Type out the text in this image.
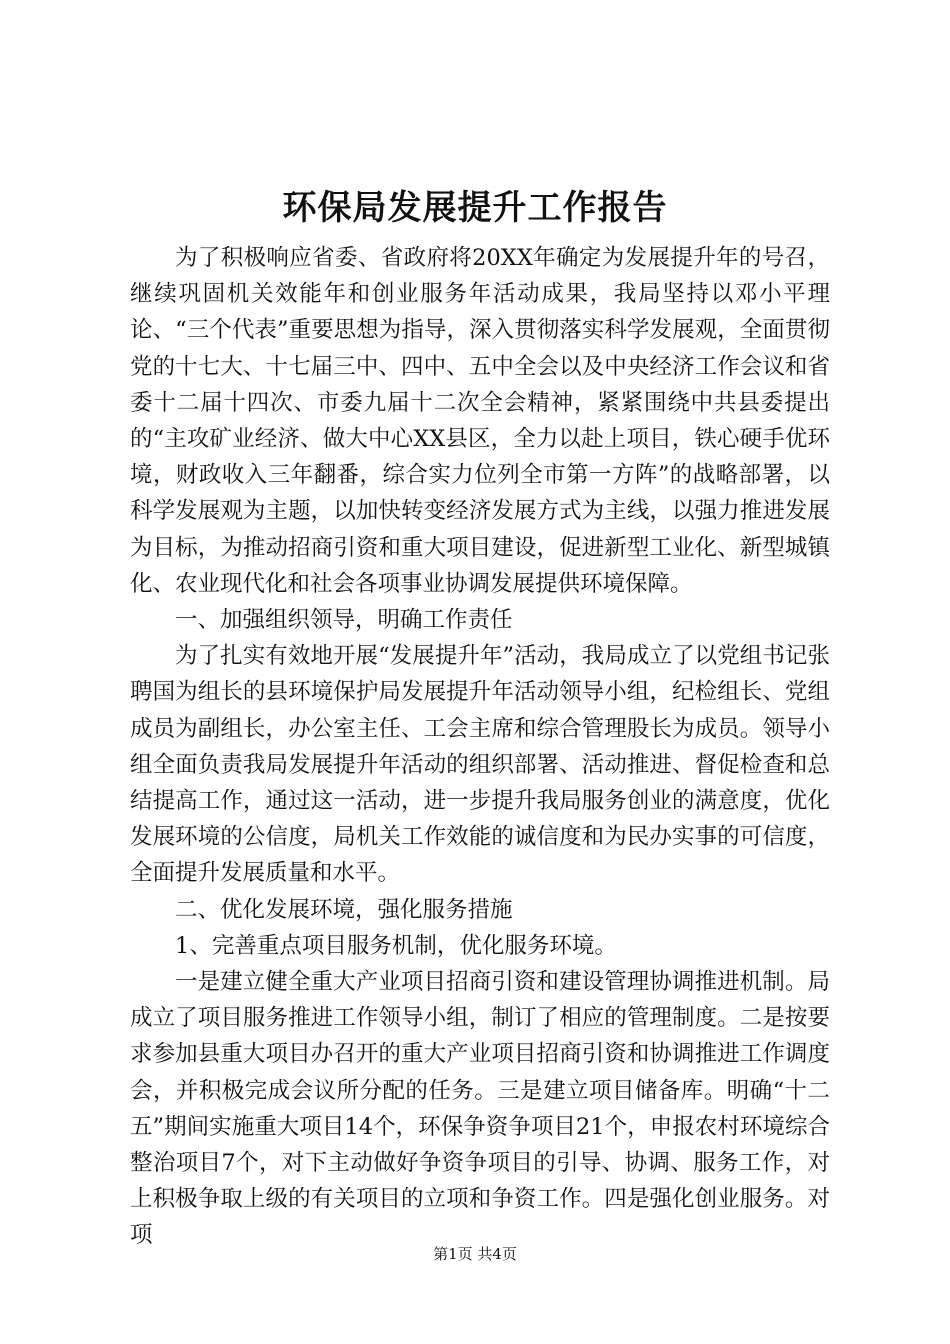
环保局发展提升工作报告

为了积极响应省委、省政府将20XX年确定为发展提升年的号召，继续巩固机关效能年和创业服务年活动成果，我局坚持以邓小平理论、“三个代表”重要思想为指导，深入贯彻落实科学发展观，全面贯彻党的十七大、十七届三中、四中、五中全会以及中央经济工作会议和省委十二届十四次、市委九届十二次全会精神，紧紧围绕中共县委提出的“主攻矿业经济、做大中心XX县区，全力以赴上项目，铁心硬手优环境，财政收入三年翻番，综合实力位列全市第一方阵”的战略部署，以科学发展观为主题，以加快转变经济发展方式为主线，以强力推进发展为目标，为推动招商引资和重大项目建设，促进新型工业化、新型城镇化、农业现代化和社会各项事业协调发展提供环境保障。

一、加强组织领导，明确工作责任

为了扎实有效地开展“发展提升年”活动，我局成立了以党组书记张聘国为组长的县环境保护局发展提升年活动领导小组，纪检组长、党组成员为副组长，办公室主任、工会主席和综合管理股长为成员。领导小组全面负责我局发展提升年活动的组织部署、活动推进、督促检查和总结提高工作，通过这一活动，进一步提升我局服务创业的满意度，优化发展环境的公信度，局机关工作效能的诚信度和为民办实事的可信度，全面提升发展质量和水平。

二、优化发展环境，强化服务措施

1、完善重点项目服务机制，优化服务环境。

一是建立健全重大产业项目招商引资和建设管理协调推进机制。局成立了项目服务推进工作领导小组，制订了相应的管理制度。二是按要求参加县重大项目办召开的重大产业项目招商引资和协调推进工作调度会，并积极完成会议所分配的任务。三是建立项目储备库。明确“十二五”期间实施重大项目14个，环保争资争项目21个，申报农村环境综合整治项目7个，对下主动做好争资争项目的引导、协调、服务工作，对上积极争取上级的有关项目的立项和争资工作。四是强化创业服务。对项

第1页 共4页
